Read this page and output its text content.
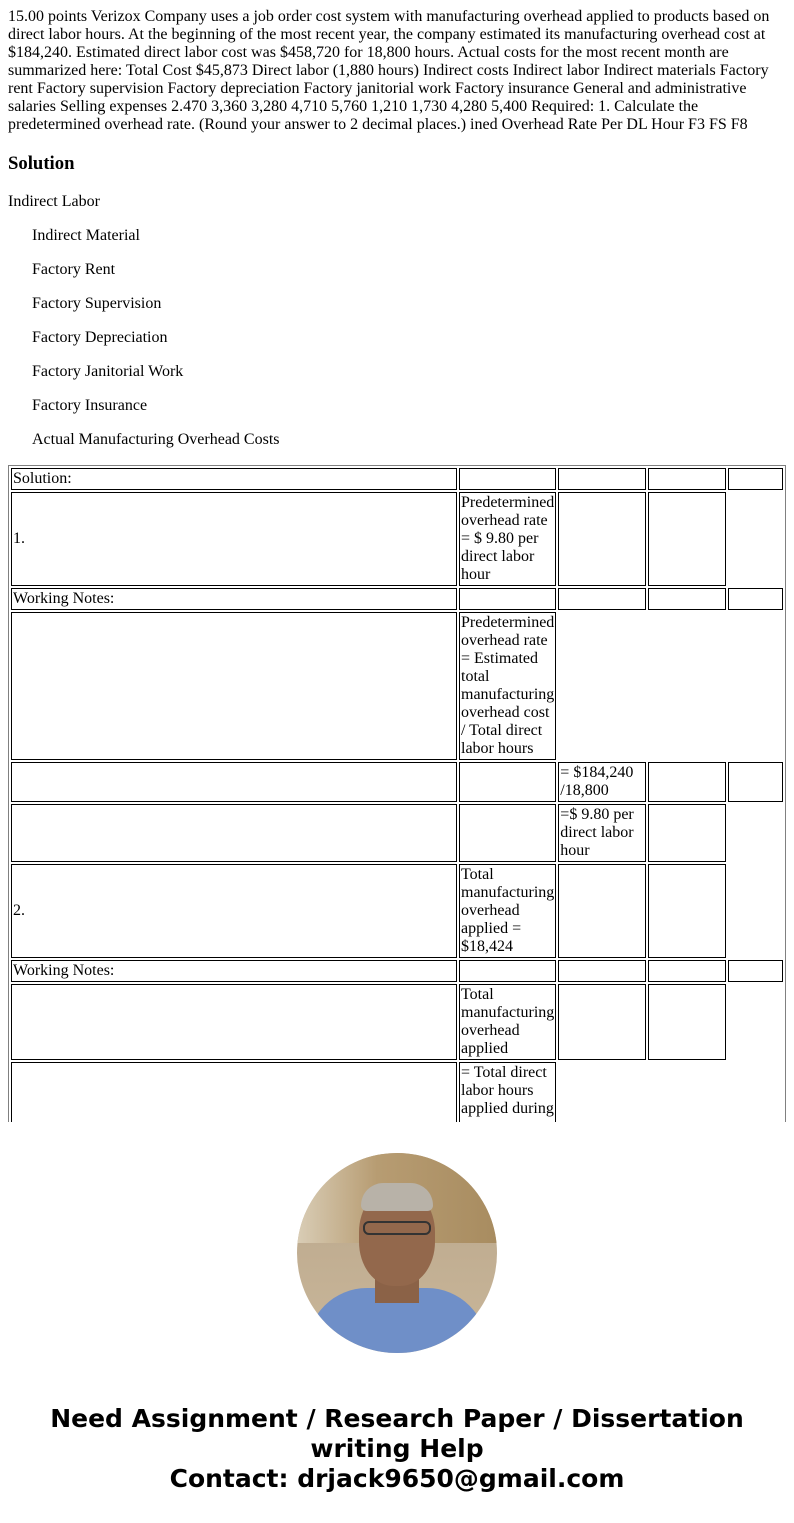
15.00 points Verizox Company uses a job order cost system with manufacturing overhead applied to products based on direct labor hours. At the beginning of the most recent year, the company estimated its manufacturing overhead cost at $184,240. Estimated direct labor cost was $458,720 for 18,800 hours. Actual costs for the most recent month are summarized here: Total Cost $45,873 Direct labor (1,880 hours) Indirect costs Indirect labor Indirect materials Factory rent Factory supervision Factory depreciation Factory janitorial work Factory insurance General and administrative salaries Selling expenses 2.470 3,360 3,280 4,710 5,760 1,210 1,730 4,280 5,400 Required: 1. Calculate the predetermined overhead rate. (Round your answer to 2 decimal places.) ined Overhead Rate Per DL Hour F3 FS F8

Solution

Indirect Labor

Indirect Material

Factory Rent

Factory Supervision

Factory Depreciation

Factory Janitorial Work

Factory Insurance

Actual Manufacturing Overhead Costs

Solution:				
1.	Predetermined overhead rate = $ 9.80 per direct labor hour			
Working Notes:				
	Predetermined overhead rate = Estimated total manufacturing overhead cost / Total direct labor hours			
		= $184,240 /18,800		
		=$ 9.80 per direct labor hour		
2.	Total manufacturing overhead applied = $18,424			
Working Notes:				
	Total manufacturing overhead applied			
	= Total direct labor hours applied during			
Need Assignment / Research Paper / Dissertation
writing Help
Contact: drjack9650@gmail.com
